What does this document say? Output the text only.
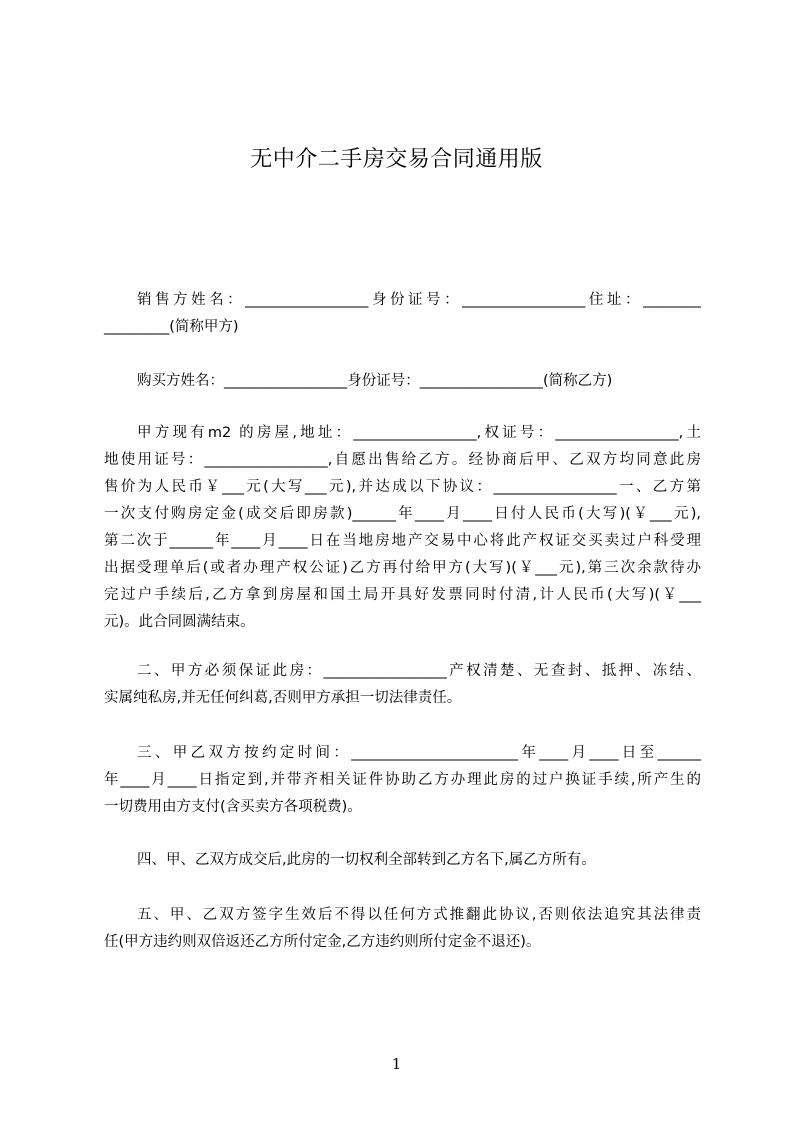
无中介二手房交易合同通用版
销售方姓名：_________________身份证号：_________________住址：________
_________(简称甲方)
购买方姓名：_________________身份证号：_________________(简称乙方)
甲方现有m2 的房屋,地址：_________________,权证号：_________________,土
地使用证号：_________________,自愿出售给乙方。经协商后甲、乙双方均同意此房
售价为人民币￥___元(大写___元),并达成以下协议：_________________一、乙方第
一次支付购房定金(成交后即房款)______年____月____日付人民币(大写)(￥___元),
第二次于______年____月____日在当地房地产交易中心将此产权证交买卖过户科受理
出据受理单后(或者办理产权公证)乙方再付给甲方(大写)(￥___元),第三次余款待办
完过户手续后,乙方拿到房屋和国土局开具好发票同时付清,计人民币(大写)(￥___
元)。此合同圆满结束。
二、甲方必须保证此房：_________________产权清楚、无查封、抵押、冻结、
实属纯私房,并无任何纠葛,否则甲方承担一切法律责任。
三、甲乙双方按约定时间：_______________________年____月____日至______
年____月____日指定到,并带齐相关证件协助乙方办理此房的过户换证手续,所产生的
一切费用由方支付(含买卖方各项税费)。
四、甲、乙双方成交后,此房的一切权利全部转到乙方名下,属乙方所有。
五、甲、乙双方签字生效后不得以任何方式推翻此协议,否则依法追究其法律责
任(甲方违约则双倍返还乙方所付定金,乙方违约则所付定金不退还)。
1
